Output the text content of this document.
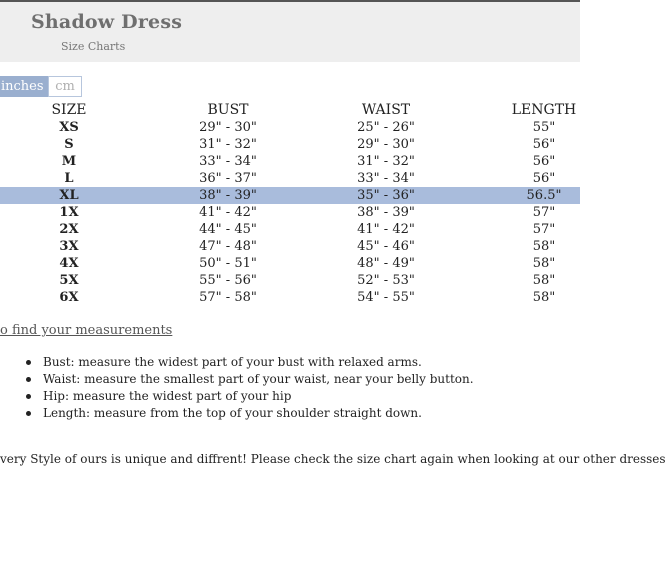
Shadow Dress
Size Charts
inches cm
SIZE	BUST	WAIST	LENGTH
XS	29" - 30"	25" - 26"	55"
S	31" - 32"	29" - 30"	56"
M	33" - 34"	31" - 32"	56"
L	36" - 37"	33" - 34"	56"
XL	38" - 39"	35" - 36"	56.5"
1X	41" - 42"	38" - 39"	57"
2X	44" - 45"	41" - 42"	57"
3X	47" - 48"	45" - 46"	58"
4X	50" - 51"	48" - 49"	58"
5X	55" - 56"	52" - 53"	58"
6X	57" - 58"	54" - 55"	58"
o find your measurements
Bust: measure the widest part of your bust with relaxed arms.
Waist: measure the smallest part of your waist, near your belly button.
Hip: measure the widest part of your hip
Length: measure from the top of your shoulder straight down.
very Style of ours is unique and diffrent! Please check the size chart again when looking at our other dresses
